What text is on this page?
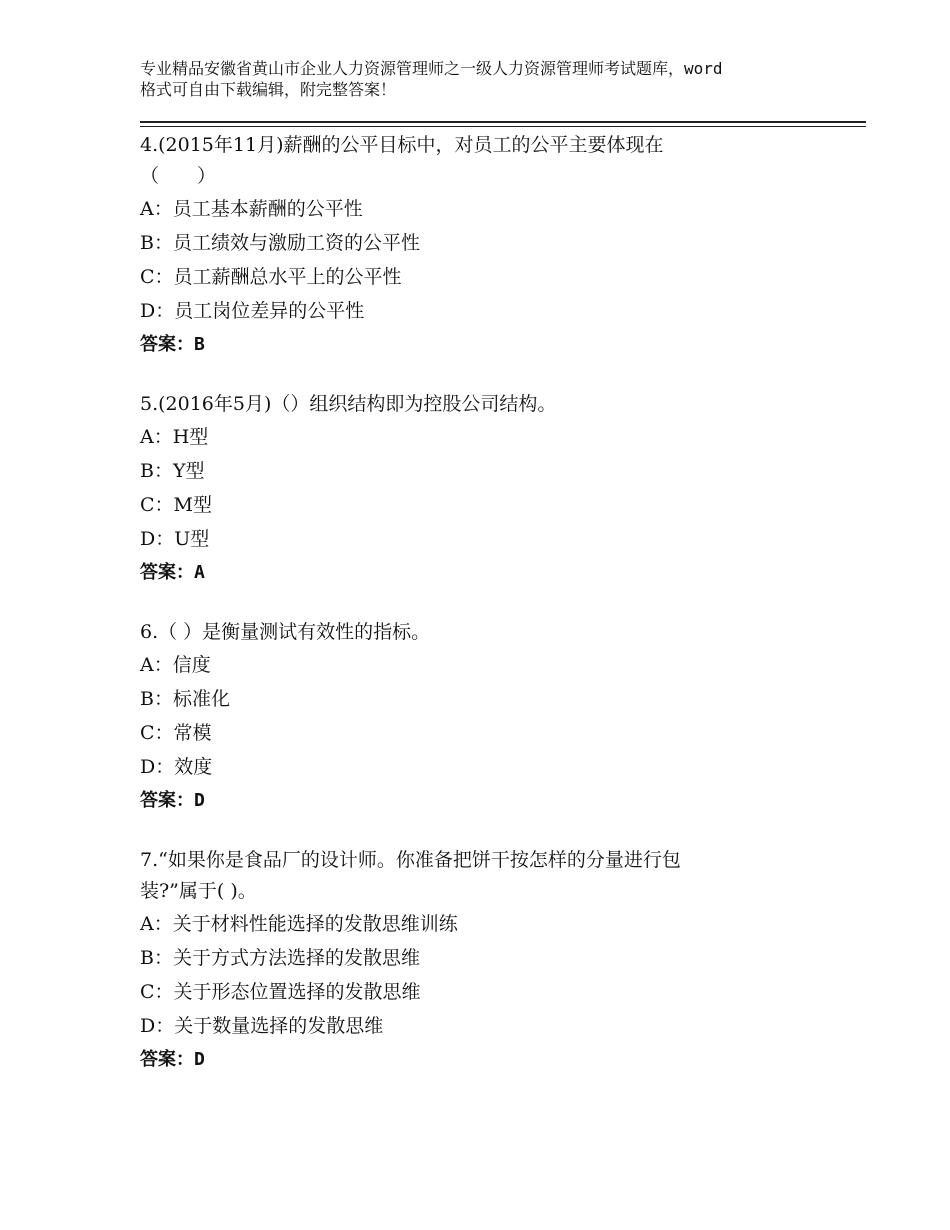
专业精品安徽省黄山市企业人力资源管理师之一级人力资源管理师考试题库，word
格式可自由下载编辑，附完整答案！
4.(2015年11月)薪酬的公平目标中，对员工的公平主要体现在
（　　）
A：员工基本薪酬的公平性
B：员工绩效与激励工资的公平性
C：员工薪酬总水平上的公平性
D：员工岗位差异的公平性
答案：B
5.(2016年5月)（）组织结构即为控股公司结构。
A：H型
B：Y型
C：M型
D：U型
答案：A
6.（ ）是衡量测试有效性的指标。
A：信度
B：标准化
C：常模
D：效度
答案：D
7.“如果你是食品厂的设计师。你准备把饼干按怎样的分量进行包
装?”属于( )。
A：关于材料性能选择的发散思维训练
B：关于方式方法选择的发散思维
C：关于形态位置选择的发散思维
D：关于数量选择的发散思维
答案：D
